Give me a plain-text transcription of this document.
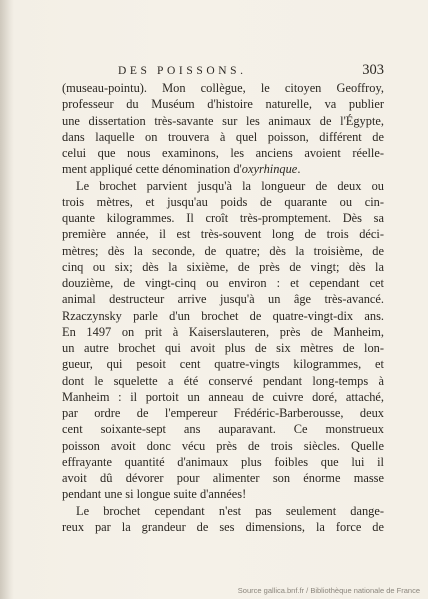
DES POISSONS.	303
(museau-pointu). Mon collègue, le citoyen Geoffroy,
professeur du Muséum d'histoire naturelle, va publier
une dissertation très-savante sur les animaux de l'Égypte,
dans laquelle on trouvera à quel poisson, différent de
celui que nous examinons, les anciens avoient réelle-
ment appliqué cette dénomination d'oxyrhinque.
Le brochet parvient jusqu'à la longueur de deux ou
trois mètres, et jusqu'au poids de quarante ou cin-
quante kilogrammes. Il croît très-promptement. Dès sa
première année, il est très-souvent long de trois déci-
mètres; dès la seconde, de quatre; dès la troisième, de
cinq ou six; dès la sixième, de près de vingt; dès la
douzième, de vingt-cinq ou environ : et cependant cet
animal destructeur arrive jusqu'à un âge très-avancé.
Rzaczynsky parle d'un brochet de quatre-vingt-dix ans.
En 1497 on prit à Kaiserslauteren, près de Manheim,
un autre brochet qui avoit plus de six mètres de lon-
gueur, qui pesoit cent quatre-vingts kilogrammes, et
dont le squelette a été conservé pendant long-temps à
Manheim : il portoit un anneau de cuivre doré, attaché,
par ordre de l'empereur Frédéric-Barberousse, deux
cent soixante-sept ans auparavant. Ce monstrueux
poisson avoit donc vécu près de trois siècles. Quelle
effrayante quantité d'animaux plus foibles que lui il
avoit dû dévorer pour alimenter son énorme masse
pendant une si longue suite d'années!
Le brochet cependant n'est pas seulement dange-
reux par la grandeur de ses dimensions, la force de
Source gallica.bnf.fr / Bibliothèque nationale de France
